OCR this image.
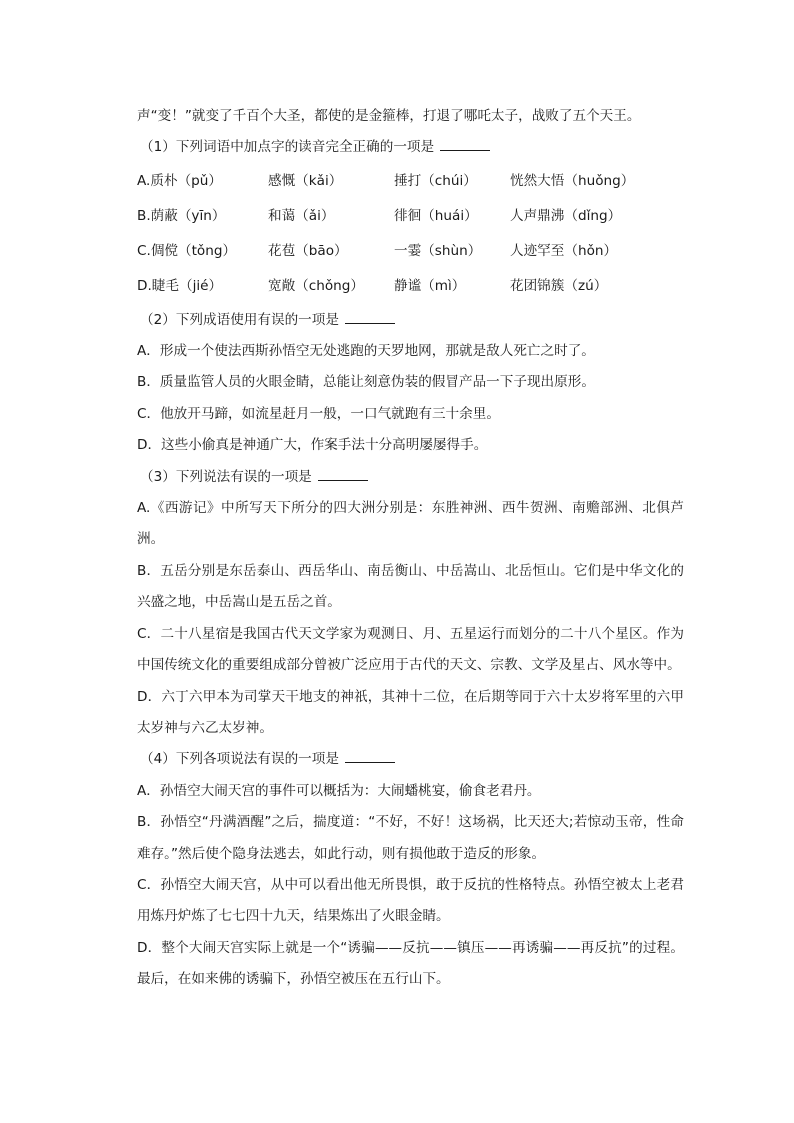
声“变！”就变了千百个大圣，都使的是金箍棒，打退了哪吒太子，战败了五个天王。
（1）下列词语中加点字的读音完全正确的一项是
A.质朴（pǔ）	感慨（kǎi）	捶打（chúi）	恍然大悟（huǒng）
B.荫蔽（yīn）	和蔼（ǎi）	徘徊（huái）	人声鼎沸（dǐng）
C.倜傥（tǒng）	花苞（bāo）	一霎（shùn）	人迹罕至（hǒn）
D.睫毛（jié）	宽敞（chǒng）	静谧（mì）	花团锦簇（zú）
（2）下列成语使用有误的一项是
A．形成一个使法西斯孙悟空无处逃跑的天罗地网，那就是敌人死亡之时了。
B．质量监管人员的火眼金睛，总能让刻意伪装的假冒产品一下子现出原形。
C．他放开马蹄，如流星赶月一般，一口气就跑有三十余里。
D．这些小偷真是神通广大，作案手法十分高明屡屡得手。
（3）下列说法有误的一项是
A.《西游记》中所写天下所分的四大洲分别是：东胜神洲、西牛贺洲、南赡部洲、北俱芦洲。
B．五岳分别是东岳泰山、西岳华山、南岳衡山、中岳嵩山、北岳恒山。它们是中华文化的兴盛之地，中岳嵩山是五岳之首。
C．二十八星宿是我国古代天文学家为观测日、月、五星运行而划分的二十八个星区。作为中国传统文化的重要组成部分曾被广泛应用于古代的天文、宗教、文学及星占、风水等中。
D．六丁六甲本为司掌天干地支的神祇，其神十二位，在后期等同于六十太岁将军里的六甲太岁神与六乙太岁神。
（4）下列各项说法有误的一项是
A．孙悟空大闹天宫的事件可以概括为：大闹蟠桃宴，偷食老君丹。
B．孙悟空“丹满酒醒”之后，揣度道：“不好，不好！这场祸，比天还大;若惊动玉帝，性命难存。”然后使个隐身法逃去，如此行动，则有损他敢于造反的形象。
C．孙悟空大闹天宫，从中可以看出他无所畏惧，敢于反抗的性格特点。孙悟空被太上老君用炼丹炉炼了七七四十九天，结果炼出了火眼金睛。
D．整个大闹天宫实际上就是一个“诱骗——反抗——镇压——再诱骗——再反抗”的过程。最后，在如来佛的诱骗下，孙悟空被压在五行山下。
